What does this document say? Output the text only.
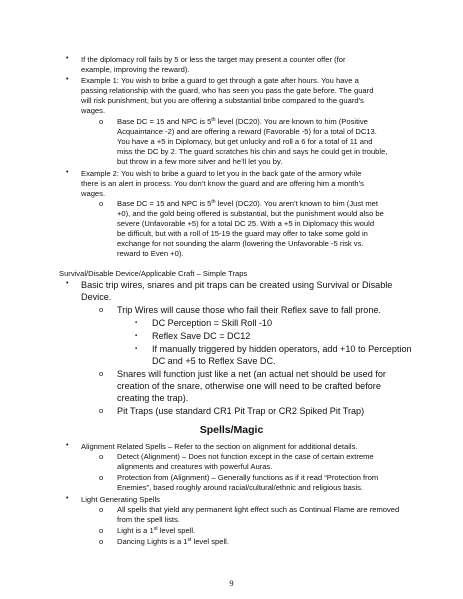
• If the diplomacy roll fails by 5 or less the target may present a counter offer (for
example, improving the reward).
• Example 1: You wish to bribe a guard to get through a gate after hours. You have a
passing relationship with the guard, who has seen you pass the gate before. The guard
will risk punishment, but you are offering a substantial bribe compared to the guard’s
wages.
o Base DC = 15 and NPC is 5th level (DC20). You are known to him (Positive
Acquaintance -2) and are offering a reward (Favorable -5) for a total of DC13.
You have a +5 in Diplomacy, but get unlucky and roll a 6 for a total of 11 and
miss the DC by 2. The guard scratches his chin and says he could get in trouble,
but throw in a few more silver and he’ll let you by.
• Example 2: You wish to bribe a guard to let you in the back gate of the armory while
there is an alert in process. You don’t know the guard and are offering him a month’s
wages.
o Base DC = 15 and NPC is 5th level (DC20). You aren’t known to him (Just met
+0), and the gold being offered is substantial, but the punishment would also be
severe (Unfavorable +5) for a total DC 25. With a +5 in Diplomacy this would
be difficult, but with a roll of 15-19 the guard may offer to take some gold in
exchange for not sounding the alarm (lowering the Unfavorable -5 risk vs.
reward to Even +0).
Survival/Disable Device/Applicable Craft – Simple Traps
• Basic trip wires, snares and pit traps can be created using Survival or Disable
Device.
o Trip Wires will cause those who fail their Reflex save to fall prone.
▪ DC Perception = Skill Roll -10
▪ Reflex Save DC = DC12
▪ If manually triggered by hidden operators, add +10 to Perception
DC and +5 to Reflex Save DC.
o Snares will function just like a net (an actual net should be used for
creation of the snare, otherwise one will need to be crafted before
creating the trap).
o Pit Traps (use standard CR1 Pit Trap or CR2 Spiked Pit Trap)
Spells/Magic
• Alignment Related Spells – Refer to the section on alignment for additional details.
o Detect (Alignment) – Does not function except in the case of certain extreme
alignments and creatures with powerful Auras.
o Protection from (Alignment) – Generally functions as if it read “Protection from
Enemies”, based roughly around racial/cultural/ethnic and religious basis.
• Light Generating Spells
o All spells that yield any permanent light effect such as Continual Flame are removed
from the spell lists.
o Light is a 1st level spell.
o Dancing Lights is a 1st level spell.
9
